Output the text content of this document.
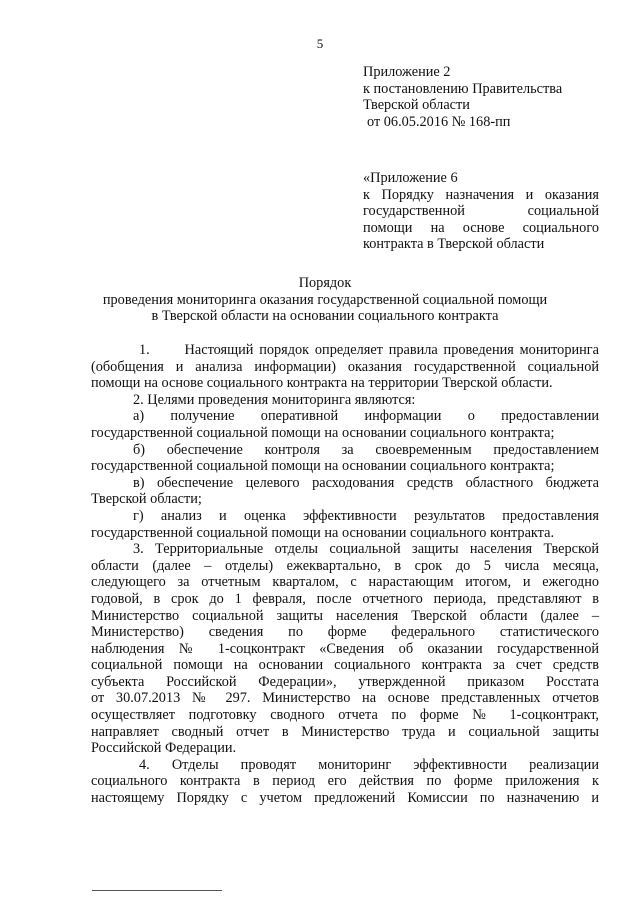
5
Приложение 2
к постановлению Правительства
Тверской области
от 06.05.2016 № 168-пп
«Приложение 6
к Порядку назначения и оказания
государственной социальной
помощи на основе социального
контракта в Тверской области
Порядок
проведения мониторинга оказания государственной социальной помощи
в Тверской области на основании социального контракта
1.      Настоящий порядок определяет правила проведения мониторинга
(обобщения и анализа информации) оказания государственной социальной
помощи на основе социального контракта на территории Тверской области.
2. Целями проведения мониторинга являются:
а) получение оперативной информации о предоставлении
государственной социальной помощи на основании социального контракта;
б) обеспечение контроля за своевременным предоставлением
государственной социальной помощи на основании социального контракта;
в) обеспечение целевого расходования средств областного бюджета
Тверской области;
г) анализ и оценка эффективности результатов предоставления
государственной социальной помощи на основании социального контракта.
3. Территориальные отделы социальной защиты населения Тверской
области (далее – отделы) ежеквартально, в срок до 5 числа месяца,
следующего за отчетным кварталом, с нарастающим итогом, и ежегодно
годовой, в срок до 1 февраля, после отчетного периода, представляют в
Министерство социальной защиты населения Тверской области (далее –
Министерство) сведения по форме федерального статистического
наблюдения № 1-соцконтракт «Сведения об оказании государственной
социальной помощи на основании социального контракта за счет средств
субъекта Российской Федерации», утвержденной приказом Росстата
от 30.07.2013 № 297. Министерство на основе представленных отчетов
осуществляет подготовку сводного отчета по форме № 1-соцконтракт,
направляет сводный отчет в Министерство труда и социальной защиты
Российской Федерации.
4. Отделы проводят мониторинг эффективности реализации
социального контракта в период его действия по форме приложения к
настоящему Порядку с учетом предложений Комиссии по назначению и
